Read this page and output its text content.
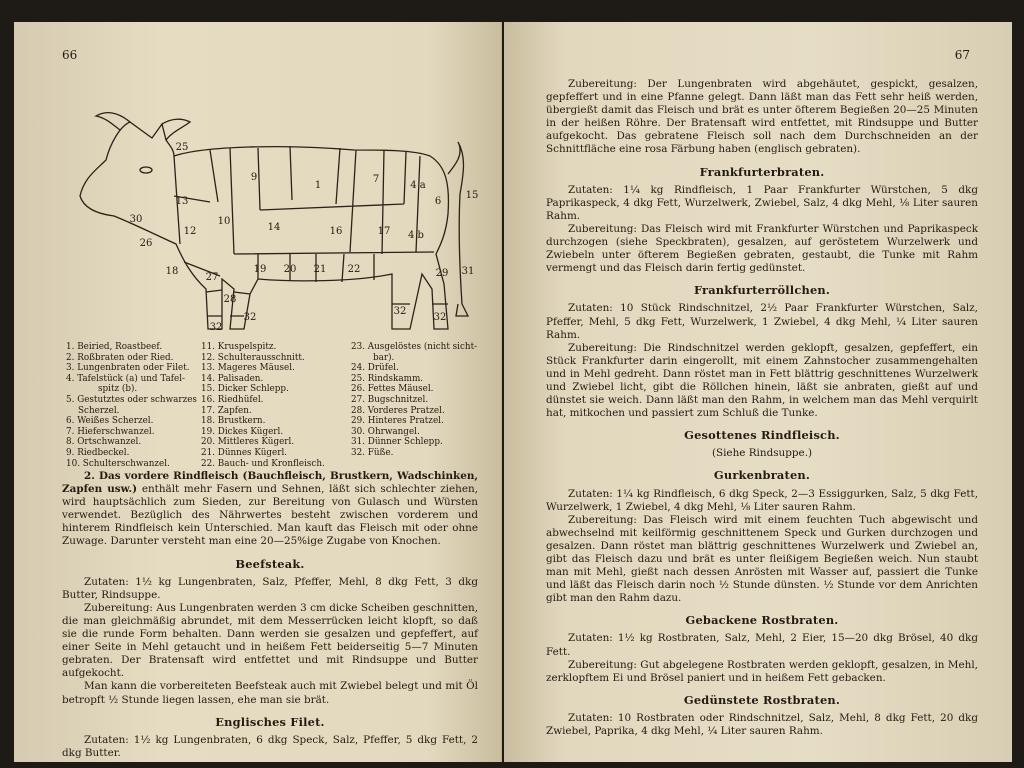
66
25
9
1
7
4 a
6
15
13
30
12
10
14	16	17 4 b
26
18
27
19 20 21 22
28
31
29
32
32
32
32
1. Beiried, Roastbeef.
2. Roßbraten oder Ried.
3. Lungenbraten oder Filet.
4. Tafelstück (a) und Tafel-
spitz (b).
5. Gestutztes oder schwarzes
Scherzel.
6. Weißes Scherzel.
7. Hieferschwanzel.
8. Ortschwanzel.
9. Riedbeckel.
10. Schulterschwanzel.
11. Kruspelspitz.
12. Schulterausschnitt.
13. Mageres Mäusel.
14. Palisaden.
15. Dicker Schlepp.
16. Riedhüfel.
17. Zapfen.
18. Brustkern.
19. Dickes Kügerl.
20. Mittleres Kügerl.
21. Dünnes Kügerl.
22. Bauch- und Kronfleisch.
23. Ausgelöstes (nicht sicht-
bar).
24. Drüfel.
25. Rindskamm.
26. Fettes Mäusel.
27. Bugschnitzel.
28. Vorderes Pratzel.
29. Hinteres Pratzel.
30. Ohrwangel.
31. Dünner Schlepp.
32. Füße.

2. Das vordere Rindfleisch (Bauchfleisch, Brustkern, Wadschinken, Zapfen usw.) enthält mehr Fasern und Sehnen, läßt sich schlechter ziehen, wird hauptsächlich zum Sieden, zur Bereitung von Gulasch und Würsten verwendet. Bezüglich des Nährwertes besteht zwischen vorderem und hinterem Rindfleisch kein Unterschied. Man kauft das Fleisch mit oder ohne Zuwage. Darunter versteht man eine 20—25%ige Zugabe von Knochen.

Beefsteak.

Zutaten: 1½ kg Lungenbraten, Salz, Pfeffer, Mehl, 8 dkg Fett, 3 dkg Butter, Rindsuppe.

Zubereitung: Aus Lungenbraten werden 3 cm dicke Scheiben geschnitten, die man gleichmäßig abrundet, mit dem Messerrücken leicht klopft, so daß sie die runde Form behalten. Dann werden sie gesalzen und gepfeffert, auf einer Seite in Mehl getaucht und in heißem Fett beiderseitig 5—7 Minuten gebraten. Der Bratensaft wird entfettet und mit Rindsuppe und Butter aufgekocht.

Man kann die vorbereiteten Beefsteak auch mit Zwiebel belegt und mit Öl betropft ½ Stunde liegen lassen, ehe man sie brät.

Englisches Filet.

Zutaten: 1½ kg Lungenbraten, 6 dkg Speck, Salz, Pfeffer, 5 dkg Fett, 2 dkg Butter.

67

Zubereitung: Der Lungenbraten wird abgehäutet, gespickt, gesalzen, gepfeffert und in eine Pfanne gelegt. Dann läßt man das Fett sehr heiß werden, übergießt damit das Fleisch und brät es unter öfterem Begießen 20—25 Minuten in der heißen Röhre. Der Bratensaft wird entfettet, mit Rindsuppe und Butter aufgekocht. Das gebratene Fleisch soll nach dem Durchschneiden an der Schnittfläche eine rosa Färbung haben (englisch gebraten).

Frankfurterbraten.

Zutaten: 1¼ kg Rindfleisch, 1 Paar Frankfurter Würstchen, 5 dkg Paprikaspeck, 4 dkg Fett, Wurzelwerk, Zwiebel, Salz, 4 dkg Mehl, ⅛ Liter sauren Rahm.

Zubereitung: Das Fleisch wird mit Frankfurter Würstchen und Paprikaspeck durchzogen (siehe Speckbraten), gesalzen, auf geröstetem Wurzelwerk und Zwiebeln unter öfterem Begießen gebraten, gestaubt, die Tunke mit Rahm vermengt und das Fleisch darin fertig gedünstet.

Frankfurterröllchen.

Zutaten: 10 Stück Rindschnitzel, 2½ Paar Frankfurter Würstchen, Salz, Pfeffer, Mehl, 5 dkg Fett, Wurzelwerk, 1 Zwiebel, 4 dkg Mehl, ¼ Liter sauren Rahm.

Zubereitung: Die Rindschnitzel werden geklopft, gesalzen, gepfeffert, ein Stück Frankfurter darin eingerollt, mit einem Zahnstocher zusammengehalten und in Mehl gedreht. Dann röstet man in Fett blättrig geschnittenes Wurzelwerk und Zwiebel licht, gibt die Röllchen hinein, läßt sie anbraten, gießt auf und dünstet sie weich. Dann läßt man den Rahm, in welchem man das Mehl verquirlt hat, mitkochen und passiert zum Schluß die Tunke.

Gesottenes Rindfleisch.
(Siehe Rindsuppe.)
Gurkenbraten.

Zutaten: 1¼ kg Rindfleisch, 6 dkg Speck, 2—3 Essiggurken, Salz, 5 dkg Fett, Wurzelwerk, 1 Zwiebel, 4 dkg Mehl, ⅛ Liter sauren Rahm.

Zubereitung: Das Fleisch wird mit einem feuchten Tuch abgewischt und abwechselnd mit keilförmig geschnittenem Speck und Gurken durchzogen und gesalzen. Dann röstet man blättrig geschnittenes Wurzelwerk und Zwiebel an, gibt das Fleisch dazu und brät es unter fleißigem Begießen weich. Nun staubt man mit Mehl, gießt nach dessen Anrösten mit Wasser auf, passiert die Tunke und läßt das Fleisch darin noch ½ Stunde dünsten. ½ Stunde vor dem Anrichten gibt man den Rahm dazu.

Gebackene Rostbraten.

Zutaten: 1½ kg Rostbraten, Salz, Mehl, 2 Eier, 15—20 dkg Brösel, 40 dkg Fett.

Zubereitung: Gut abgelegene Rostbraten werden geklopft, gesalzen, in Mehl, zerklopftem Ei und Brösel paniert und in heißem Fett gebacken.

Gedünstete Rostbraten.

Zutaten: 10 Rostbraten oder Rindschnitzel, Salz, Mehl, 8 dkg Fett, 20 dkg Zwiebel, Paprika, 4 dkg Mehl, ¼ Liter sauren Rahm.
